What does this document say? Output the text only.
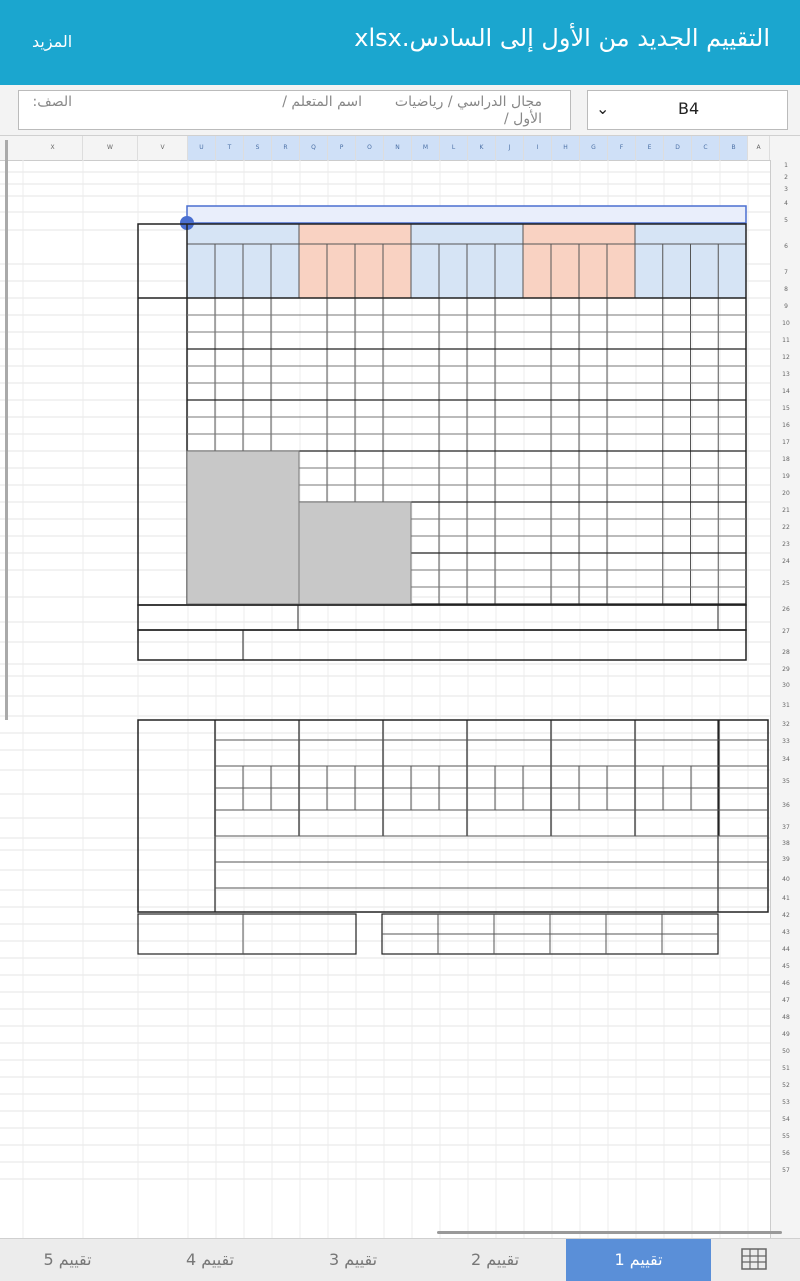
التقييم الجديد من الأول إلى السادس.xlsx
المزيد
⌄	B4
مجال الدراسي / رياضيات
اسم المتعلم /
الصف:
الأول /
A
B
C
D
E
F
G
H
I
J
K
L
M
N
O
P
Q
R
S
T
U
V
W
X
1
2
3
4
5
6
7
8
9
10
11
12
13
14
15
16
17
18
19
20
21
22
23
24
25
26
27
28
29
30
31
32
33
34
35
36
37
38
39
40
41
42
43
44
45
46
47
48
49
50
51
52
53
54
55
56
57
تقييم 1
تقييم 2
تقييم 3
تقييم 4
تقييم 5
